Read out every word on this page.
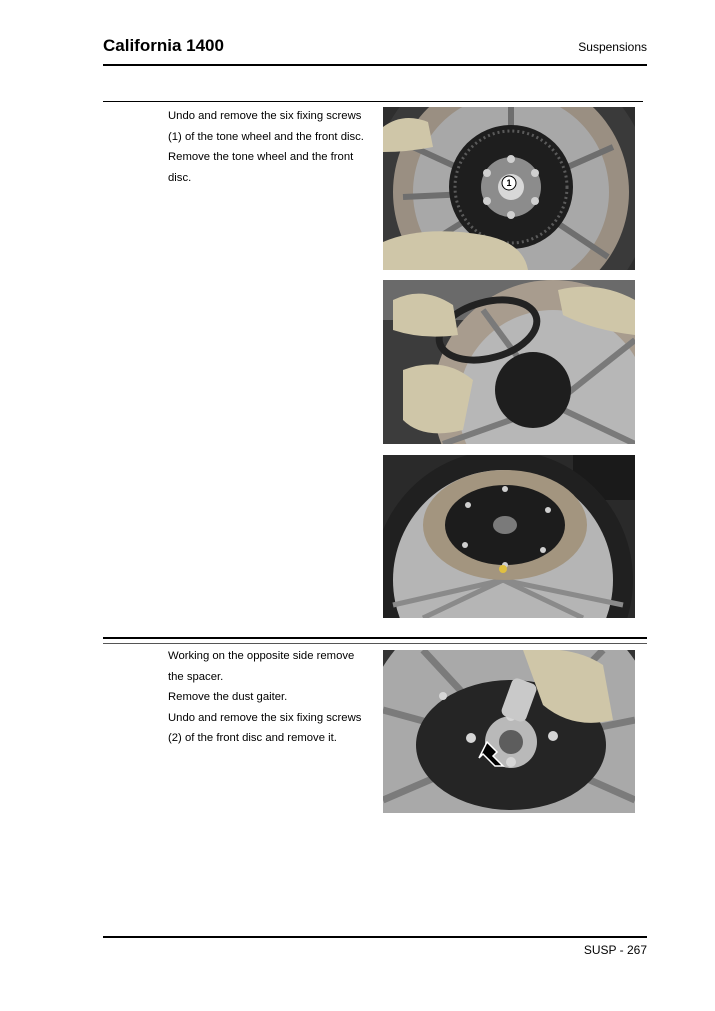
California 1400	Suspensions
Undo and remove the six fixing screws
(1) of the tone wheel and the front disc.
Remove the tone wheel and the front
disc.	1
Working on the opposite side remove
the spacer.
Remove the dust gaiter.
Undo and remove the six fixing screws
(2) of the front disc and remove it.
SUSP - 267
